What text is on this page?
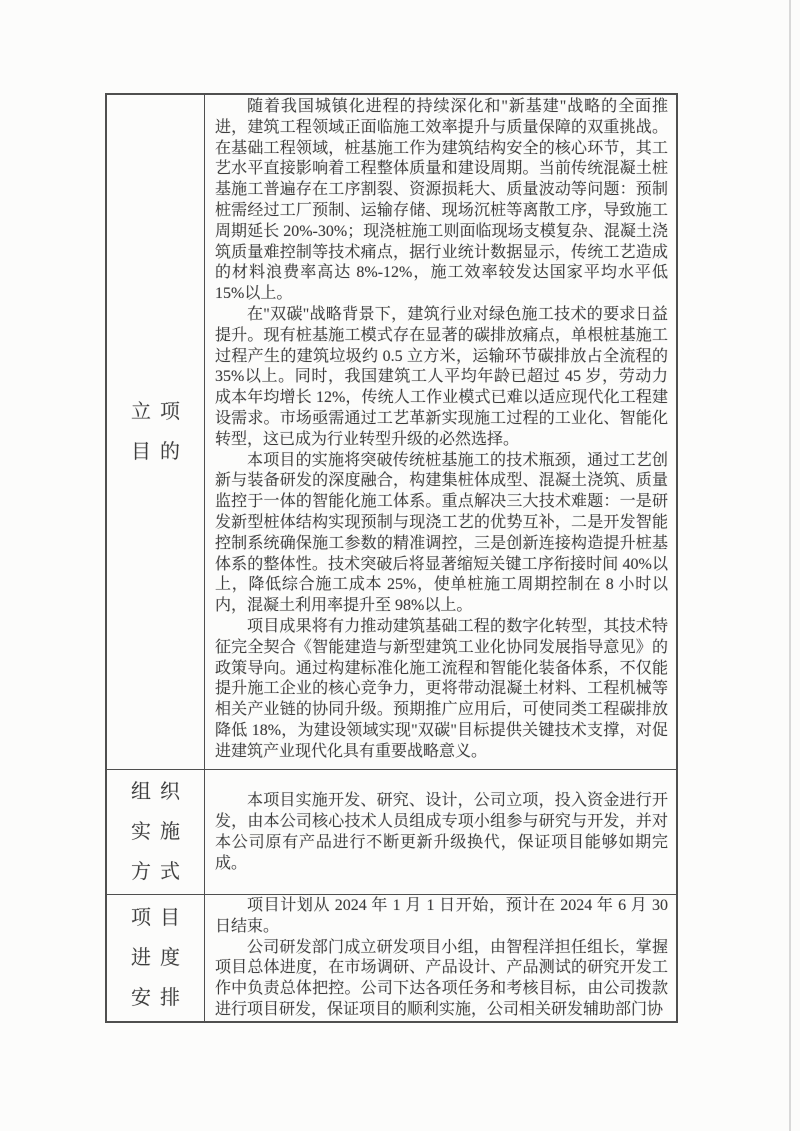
立项
目的

随着我国城镇化进程的持续深化和"新基建"战略的全面推进，建筑工程领域正面临施工效率提升与质量保障的双重挑战。在基础工程领域，桩基施工作为建筑结构安全的核心环节，其工艺水平直接影响着工程整体质量和建设周期。当前传统混凝土桩基施工普遍存在工序割裂、资源损耗大、质量波动等问题：预制桩需经过工厂预制、运输存储、现场沉桩等离散工序，导致施工周期延长 20%-30%；现浇桩施工则面临现场支模复杂、混凝土浇筑质量难控制等技术痛点，据行业统计数据显示，传统工艺造成的材料浪费率高达 8%-12%，施工效率较发达国家平均水平低 15%以上。

在"双碳"战略背景下，建筑行业对绿色施工技术的要求日益提升。现有桩基施工模式存在显著的碳排放痛点，单根桩基施工过程产生的建筑垃圾约 0.5 立方米，运输环节碳排放占全流程的 35%以上。同时，我国建筑工人平均年龄已超过 45 岁，劳动力成本年均增长 12%，传统人工作业模式已难以适应现代化工程建设需求。市场亟需通过工艺革新实现施工过程的工业化、智能化转型，这已成为行业转型升级的必然选择。

本项目的实施将突破传统桩基施工的技术瓶颈，通过工艺创新与装备研发的深度融合，构建集桩体成型、混凝土浇筑、质量监控于一体的智能化施工体系。重点解决三大技术难题：一是研发新型桩体结构实现预制与现浇工艺的优势互补，二是开发智能控制系统确保施工参数的精准调控，三是创新连接构造提升桩基体系的整体性。技术突破后将显著缩短关键工序衔接时间 40%以上，降低综合施工成本 25%，使单桩施工周期控制在 8 小时以内，混凝土利用率提升至 98%以上。

项目成果将有力推动建筑基础工程的数字化转型，其技术特征完全契合《智能建造与新型建筑工业化协同发展指导意见》的政策导向。通过构建标准化施工流程和智能化装备体系，不仅能提升施工企业的核心竞争力，更将带动混凝土材料、工程机械等相关产业链的协同升级。预期推广应用后，可使同类工程碳排放降低 18%，为建设领域实现"双碳"目标提供关键技术支撑，对促进建筑产业现代化具有重要战略意义。

组织
实施
方式

本项目实施开发、研究、设计，公司立项，投入资金进行开发，由本公司核心技术人员组成专项小组参与研究与开发，并对本公司原有产品进行不断更新升级换代，保证项目能够如期完成。

项目
进度
安排

项目计划从 2024 年 1 月 1 日开始，预计在 2024 年 6 月 30 日结束。

公司研发部门成立研发项目小组，由智程洋担任组长，掌握项目总体进度，在市场调研、产品设计、产品测试的研究开发工作中负责总体把控。公司下达各项任务和考核目标，由公司拨款进行项目研发，保证项目的顺利实施，公司相关研发辅助部门协
